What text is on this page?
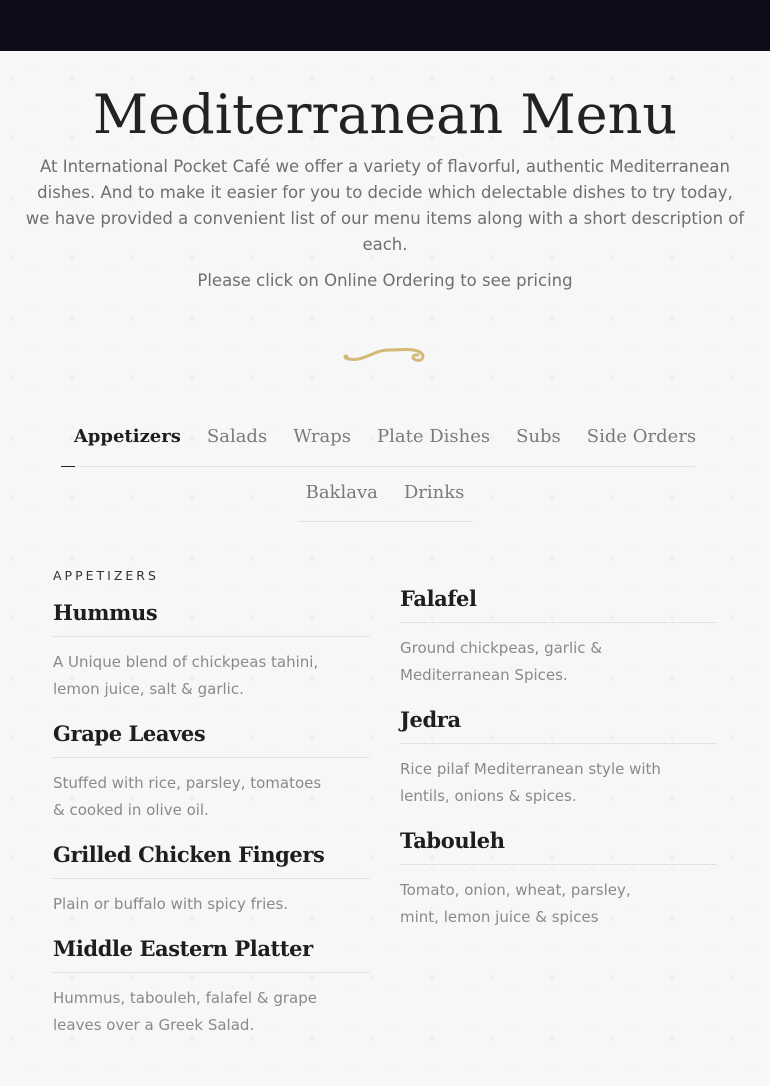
Mediterranean Menu

At International Pocket Café we offer a variety of flavorful, authentic Mediterranean dishes. And to make it easier for you to decide which delectable dishes to try today, we have provided a convenient list of our menu items along with a short description of each.

Please click on Online Ordering to see pricing

Appetizers	Salads	Wraps	Plate Dishes	Subs	Side Orders
Baklava	Drinks
APPETIZERS
Hummus
A Unique blend of chickpeas tahini, lemon juice, salt & garlic.
Grape Leaves
Stuffed with rice, parsley, tomatoes & cooked in olive oil.
Grilled Chicken Fingers
Plain or buffalo with spicy fries.
Middle Eastern Platter
Hummus, tabouleh, falafel & grape leaves over a Greek Salad.
Falafel
Ground chickpeas, garlic & Mediterranean Spices.
Jedra
Rice pilaf Mediterranean style with lentils, onions & spices.
Tabouleh
Tomato, onion, wheat, parsley, mint, lemon juice & spices
